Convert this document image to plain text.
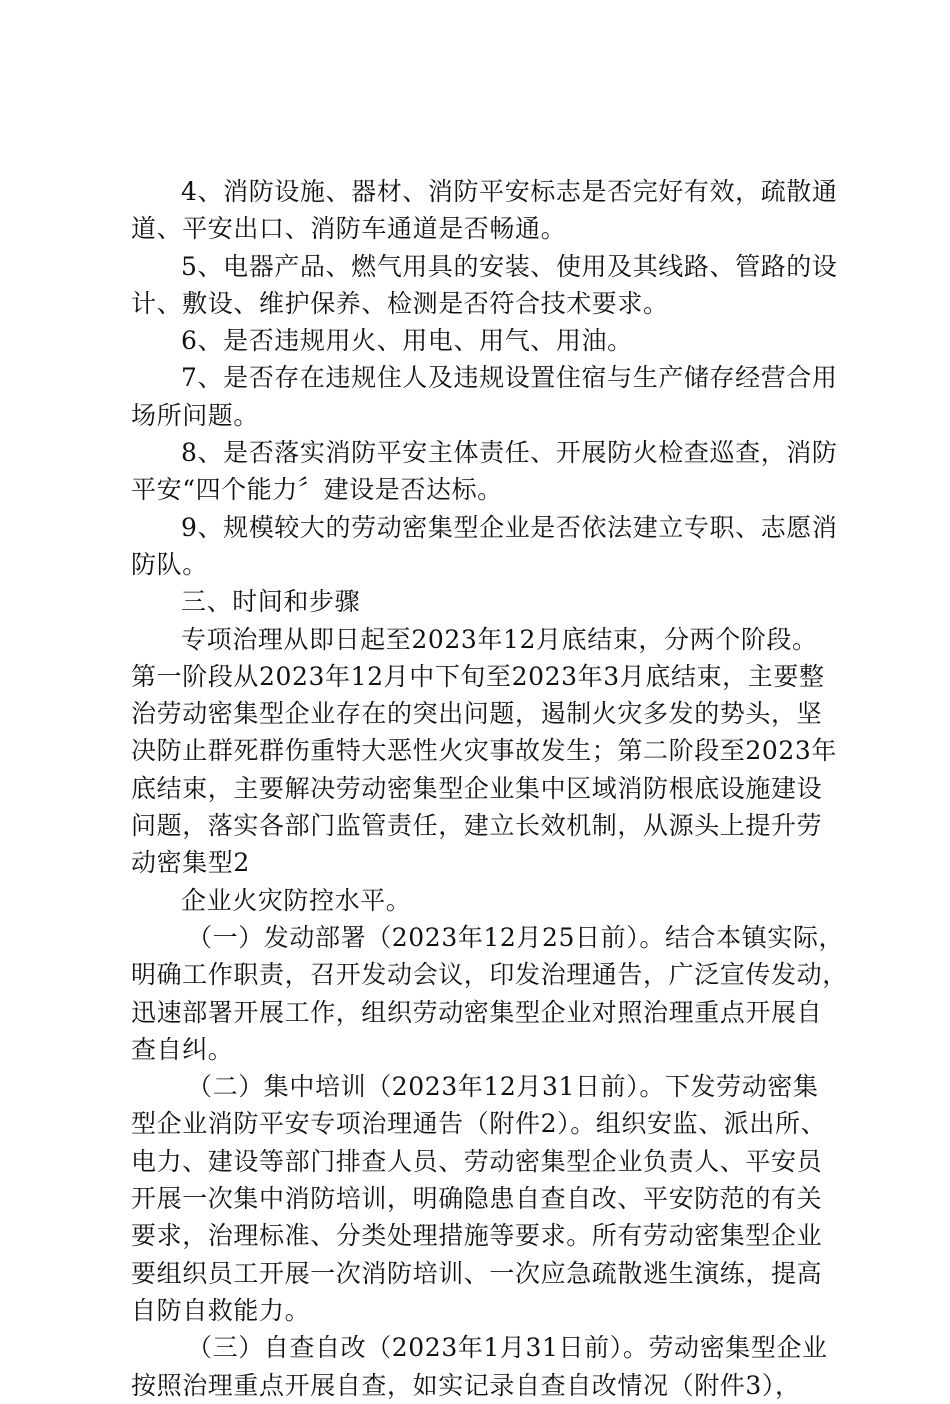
4、消防设施、器材、消防平安标志是否完好有效，疏散通
道、平安出口、消防车通道是否畅通。
5、电器产品、燃气用具的安装、使用及其线路、管路的设
计、敷设、维护保养、检测是否符合技术要求。
6、是否违规用火、用电、用气、用油。
7、是否存在违规住人及违规设置住宿与生产储存经营合用
场所问题。
8、是否落实消防平安主体责任、开展防火检查巡查，消防
平安“四个能力〞建设是否达标。
9、规模较大的劳动密集型企业是否依法建立专职、志愿消
防队。
三、时间和步骤
专项治理从即日起至2023年12月底结束，分两个阶段。
第一阶段从2023年12月中下旬至2023年3月底结束，主要整
治劳动密集型企业存在的突出问题，遏制火灾多发的势头，坚
决防止群死群伤重特大恶性火灾事故发生；第二阶段至2023年
底结束，主要解决劳动密集型企业集中区域消防根底设施建设
问题，落实各部门监管责任，建立长效机制，从源头上提升劳
动密集型2
企业火灾防控水平。
（一）发动部署（2023年12月25日前）。结合本镇实际，
明确工作职责，召开发动会议，印发治理通告，广泛宣传发动，
迅速部署开展工作，组织劳动密集型企业对照治理重点开展自
查自纠。
（二）集中培训（2023年12月31日前）。下发劳动密集
型企业消防平安专项治理通告（附件2）。组织安监、派出所、
电力、建设等部门排查人员、劳动密集型企业负责人、平安员
开展一次集中消防培训，明确隐患自查自改、平安防范的有关
要求，治理标准、分类处理措施等要求。所有劳动密集型企业
要组织员工开展一次消防培训、一次应急疏散逃生演练，提高
自防自救能力。
（三）自查自改（2023年1月31日前）。劳动密集型企业
按照治理重点开展自查，如实记录自查自改情况（附件3），
